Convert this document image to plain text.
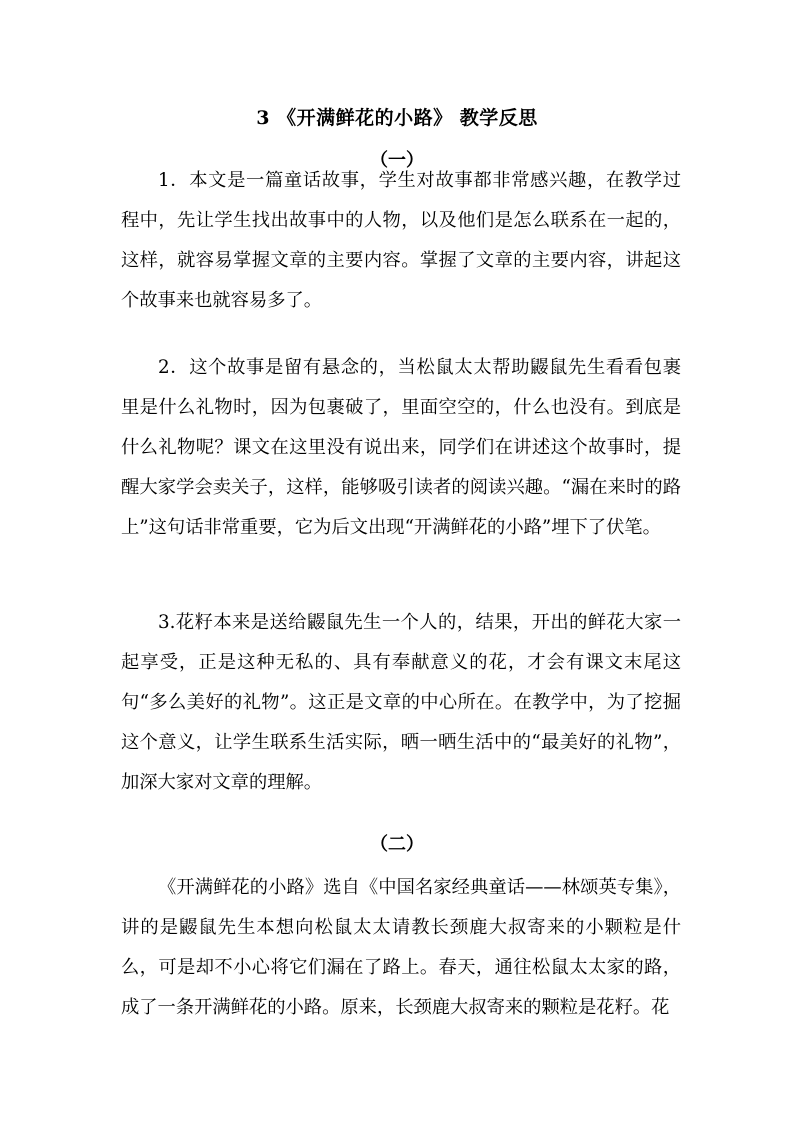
3 《开满鲜花的小路》 教学反思
（一）

1．本文是一篇童话故事，学生对故事都非常感兴趣，在教学过程中，先让学生找出故事中的人物，以及他们是怎么联系在一起的，这样，就容易掌握文章的主要内容。掌握了文章的主要内容，讲起这个故事来也就容易多了。

2．这个故事是留有悬念的，当松鼠太太帮助鼹鼠先生看看包裹里是什么礼物时，因为包裹破了，里面空空的，什么也没有。到底是什么礼物呢？课文在这里没有说出来，同学们在讲述这个故事时，提醒大家学会卖关子，这样，能够吸引读者的阅读兴趣。“漏在来时的路上”这句话非常重要，它为后文出现“开满鲜花的小路”埋下了伏笔。

3.花籽本来是送给鼹鼠先生一个人的，结果，开出的鲜花大家一起享受，正是这种无私的、具有奉献意义的花，才会有课文末尾这句“多么美好的礼物”。这正是文章的中心所在。在教学中，为了挖掘这个意义，让学生联系生活实际，晒一晒生活中的“最美好的礼物”，加深大家对文章的理解。

（二）

《开满鲜花的小路》选自《中国名家经典童话——林颂英专集》，讲的是鼹鼠先生本想向松鼠太太请教长颈鹿大叔寄来的小颗粒是什么，可是却不小心将它们漏在了路上。春天，通往松鼠太太家的路，成了一条开满鲜花的小路。原来，长颈鹿大叔寄来的颗粒是花籽。花
